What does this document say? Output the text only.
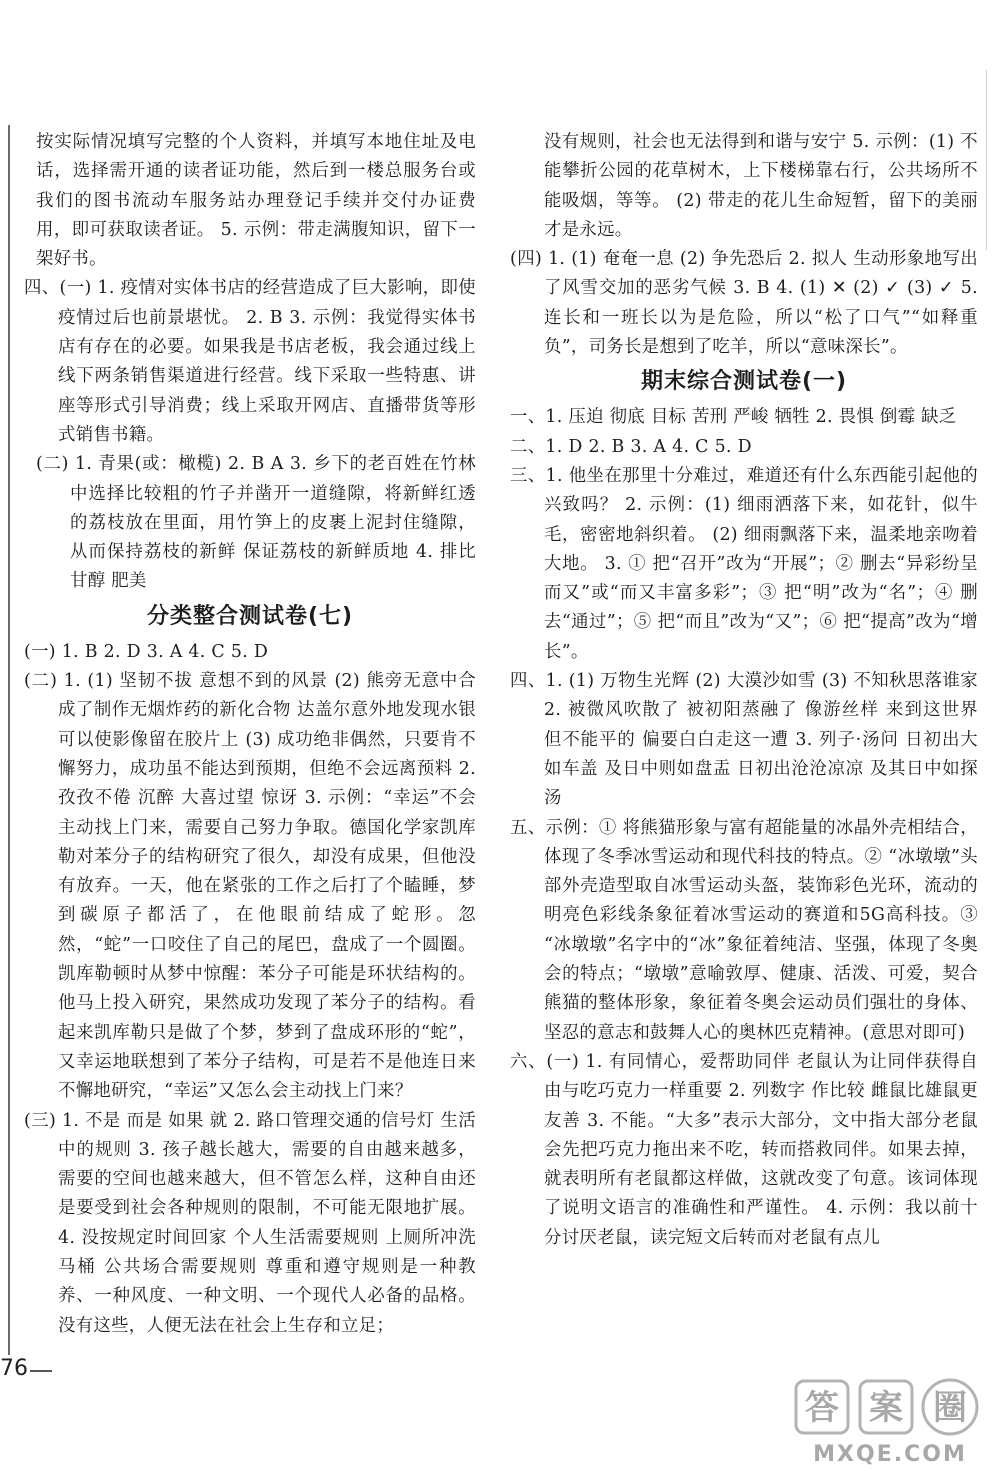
按实际情况填写完整的个人资料，并填写本地住址及电话，选择需开通的读者证功能，然后到一楼总服务台或我们的图书流动车服务站办理登记手续并交付办证费用，即可获取读者证。 5. 示例：带走满腹知识，留下一架好书。

四、(一) 1. 疫情对实体书店的经营造成了巨大影响，即使疫情过后也前景堪忧。 2. B 3. 示例：我觉得实体书店有存在的必要。如果我是书店老板，我会通过线上线下两条销售渠道进行经营。线下采取一些特惠、讲座等形式引导消费；线上采取开网店、直播带货等形式销售书籍。

(二) 1. 青果(或：橄榄) 2. B A 3. 乡下的老百姓在竹林中选择比较粗的竹子并凿开一道缝隙，将新鲜红透的荔枝放在里面，用竹笋上的皮裹上泥封住缝隙，从而保持荔枝的新鲜 保证荔枝的新鲜质地 4. 排比 甘醇 肥美

分类整合测试卷(七)

(一) 1. B 2. D 3. A 4. C 5. D

(二) 1. (1) 坚韧不拔 意想不到的风景 (2) 熊旁无意中合成了制作无烟炸药的新化合物 达盖尔意外地发现水银可以使影像留在胶片上 (3) 成功绝非偶然，只要肯不懈努力，成功虽不能达到预期，但绝不会远离预料 2. 孜孜不倦 沉醉 大喜过望 惊讶 3. 示例：“幸运”不会主动找上门来，需要自己努力争取。德国化学家凯库勒对苯分子的结构研究了很久，却没有成果，但他没有放弃。一天，他在紧张的工作之后打了个瞌睡，梦到碳原子都活了，在他眼前结成了蛇形。忽然，“蛇”一口咬住了自己的尾巴，盘成了一个圆圈。凯库勒顿时从梦中惊醒：苯分子可能是环状结构的。他马上投入研究，果然成功发现了苯分子的结构。看起来凯库勒只是做了个梦，梦到了盘成环形的“蛇”，又幸运地联想到了苯分子结构，可是若不是他连日来不懈地研究，“幸运”又怎么会主动找上门来？

(三) 1. 不是 而是 如果 就 2. 路口管理交通的信号灯 生活中的规则 3. 孩子越长越大，需要的自由越来越多，需要的空间也越来越大，但不管怎么样，这种自由还是要受到社会各种规则的限制，不可能无限地扩展。 4. 没按规定时间回家 个人生活需要规则 上厕所冲洗马桶 公共场合需要规则 尊重和遵守规则是一种教养、一种风度、一种文明、一个现代人必备的品格。没有这些，人便无法在社会上生存和立足；

没有规则，社会也无法得到和谐与安宁 5. 示例：(1) 不能攀折公园的花草树木，上下楼梯靠右行，公共场所不能吸烟，等等。 (2) 带走的花儿生命短暂，留下的美丽才是永远。

(四) 1. (1) 奄奄一息 (2) 争先恐后 2. 拟人 生动形象地写出了风雪交加的恶劣气候 3. B 4. (1) ✕ (2) ✓ (3) ✓ 5. 连长和一班长以为是危险，所以“松了口气”“如释重负”，司务长是想到了吃羊，所以“意味深长”。

期末综合测试卷(一)

一、1. 压迫 彻底 目标 苦刑 严峻 牺牲 2. 畏惧 倒霉 缺乏

二、1. D 2. B 3. A 4. C 5. D

三、1. 他坐在那里十分难过，难道还有什么东西能引起他的兴致吗？ 2. 示例：(1) 细雨洒落下来，如花针，似牛毛，密密地斜织着。 (2) 细雨飘落下来，温柔地亲吻着大地。 3. ① 把“召开”改为“开展”；② 删去“异彩纷呈而又”或“而又丰富多彩”；③ 把“明”改为“名”；④ 删去“通过”；⑤ 把“而且”改为“又”；⑥ 把“提高”改为“增长”。

四、1. (1) 万物生光辉 (2) 大漠沙如雪 (3) 不知秋思落谁家 2. 被微风吹散了 被初阳蒸融了 像游丝样 来到这世界 但不能平的 偏要白白走这一遭 3. 列子·汤问 日初出大如车盖 及日中则如盘盂 日初出沧沧凉凉 及其日中如探汤

五、示例：① 将熊猫形象与富有超能量的冰晶外壳相结合，体现了冬季冰雪运动和现代科技的特点。② “冰墩墩”头部外壳造型取自冰雪运动头盔，装饰彩色光环，流动的明亮色彩线条象征着冰雪运动的赛道和5G高科技。③ “冰墩墩”名字中的“冰”象征着纯洁、坚强，体现了冬奥会的特点；“墩墩”意喻敦厚、健康、活泼、可爱，契合熊猫的整体形象，象征着冬奥会运动员们强壮的身体、坚忍的意志和鼓舞人心的奥林匹克精神。(意思对即可)

六、(一) 1. 有同情心，爱帮助同伴 老鼠认为让同伴获得自由与吃巧克力一样重要 2. 列数字 作比较 雌鼠比雄鼠更友善 3. 不能。“大多”表示大部分，文中指大部分老鼠会先把巧克力拖出来不吃，转而搭救同伴。如果去掉，就表明所有老鼠都这样做，这就改变了句意。该词体现了说明文语言的准确性和严谨性。 4. 示例：我以前十分讨厌老鼠，读完短文后转而对老鼠有点儿

76
答 案 圈
MXQE.COM
